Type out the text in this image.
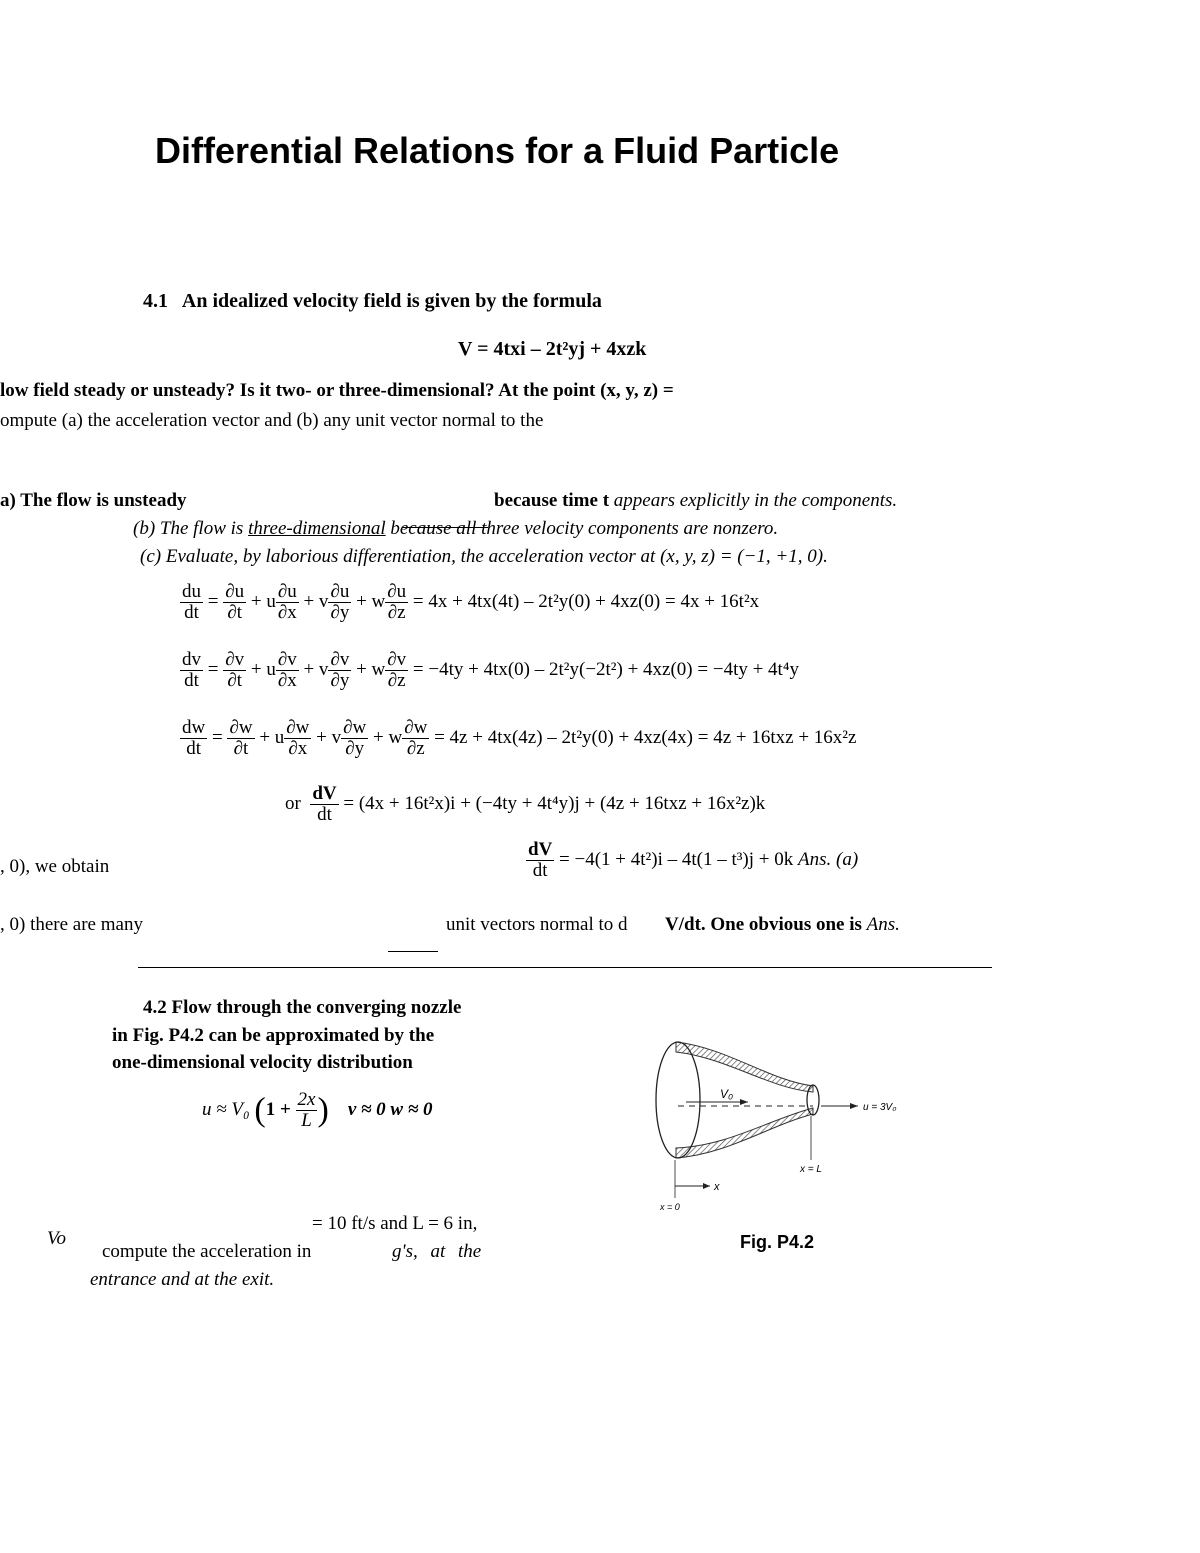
Differential Relations for a Fluid Particle
4.1 An idealized velocity field is given by the formula
V = 4txi – 2t²yj + 4xzk
low field steady or unsteady? Is it two- or three-dimensional? At the point (x, y, z) =
ompute (a) the acceleration vector and (b) any unit vector normal to the
a) The flow is unsteady
	because time t appears explicitly in the components.
(b) The flow is three-dimensional because all three velocity components are nonzero.
(c) Evaluate, by laborious differentiation, the acceleration vector at (x, y, z) = (−1, +1, 0).
$\frac{du}{dt} = \frac{\partial u}{\partial t} + u \frac{\partial u}{\partial x} + v \frac{\partial u}{\partial y} + w \frac{\partial u}{\partial z} = 4x + 4tx(4t) - 2t^2y(0) + 4xz(0) = 4x + 16t^2x$
$\frac{dv}{dt} = \frac{\partial v}{\partial t} + u \frac{\partial v}{\partial x} + v \frac{\partial v}{\partial y} + w \frac{\partial v}{\partial z} = -4ty + 4tx(0) - 2t^2y(-2t^2) + 4xz(0) = -4ty + 4t^4y$
$\frac{dw}{dt} = \frac{\partial w}{\partial t} + u \frac{\partial w}{\partial x} + v \frac{\partial w}{\partial y} + w \frac{\partial w}{\partial z} = 4z + 4tx(4z) - 2t^2y(0) + 4xz(4x) = 4z + 16txz + 16x^2z$
or $\frac{dV}{dt} = (4x + 16t^2x)i + (-4ty + 4t^4y)j + (4z + 16txz + 16x^2z)k$
, 0), we obtain	$\frac{dV}{dt} = -4(1 + 4t^2)i - 4t(1 - t^3)j + 0k$ Ans. (a)
, 0) there are many
	unit vectors normal to d V/dt. One obvious one is Ans.
4.2 Flow through the converging nozzle
in Fig. P4.2 can be approximated by the
one-dimensional velocity distribution
u ≈ V₀ ($1 + \frac{2x}{L}$ ) v ≈ 0 w ≈ 0
= 10 ft/s and L = 6 in,
Vo
compute the acceleration in	g's, at the
entrance and at the exit.
V₀
u = 3V₀
x = L
x
x = 0
Fig. P4.2
